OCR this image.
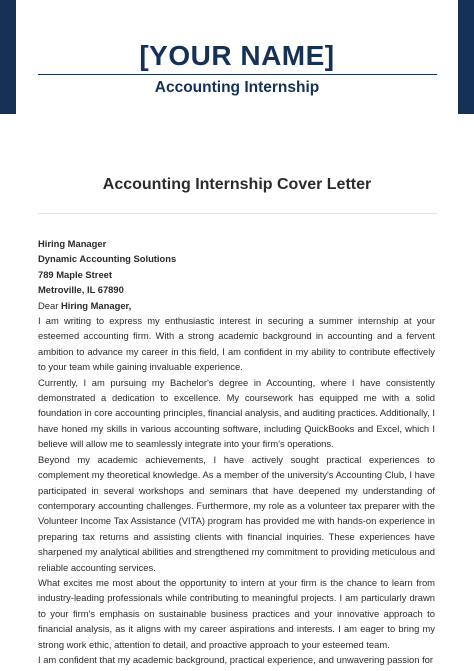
[YOUR NAME]
Accounting Internship
Accounting Internship Cover Letter
Hiring Manager
Dynamic Accounting Solutions
789 Maple Street
Metroville, IL 67890
Dear Hiring Manager,

I am writing to express my enthusiastic interest in securing a summer internship at your esteemed accounting firm. With a strong academic background in accounting and a fervent ambition to advance my career in this field, I am confident in my ability to contribute effectively to your team while gaining invaluable experience.

Currently, I am pursuing my Bachelor's degree in Accounting, where I have consistently demonstrated a dedication to excellence. My coursework has equipped me with a solid foundation in core accounting principles, financial analysis, and auditing practices. Additionally, I have honed my skills in various accounting software, including QuickBooks and Excel, which I believe will allow me to seamlessly integrate into your firm's operations.

Beyond my academic achievements, I have actively sought practical experiences to complement my theoretical knowledge. As a member of the university's Accounting Club, I have participated in several workshops and seminars that have deepened my understanding of contemporary accounting challenges. Furthermore, my role as a volunteer tax preparer with the Volunteer Income Tax Assistance (VITA) program has provided me with hands-on experience in preparing tax returns and assisting clients with financial inquiries. These experiences have sharpened my analytical abilities and strengthened my commitment to providing meticulous and reliable accounting services.

What excites me most about the opportunity to intern at your firm is the chance to learn from industry-leading professionals while contributing to meaningful projects. I am particularly drawn to your firm's emphasis on sustainable business practices and your innovative approach to financial analysis, as it aligns with my career aspirations and interests. I am eager to bring my strong work ethic, attention to detail, and proactive approach to your esteemed team.

I am confident that my academic background, practical experience, and unwavering passion for
